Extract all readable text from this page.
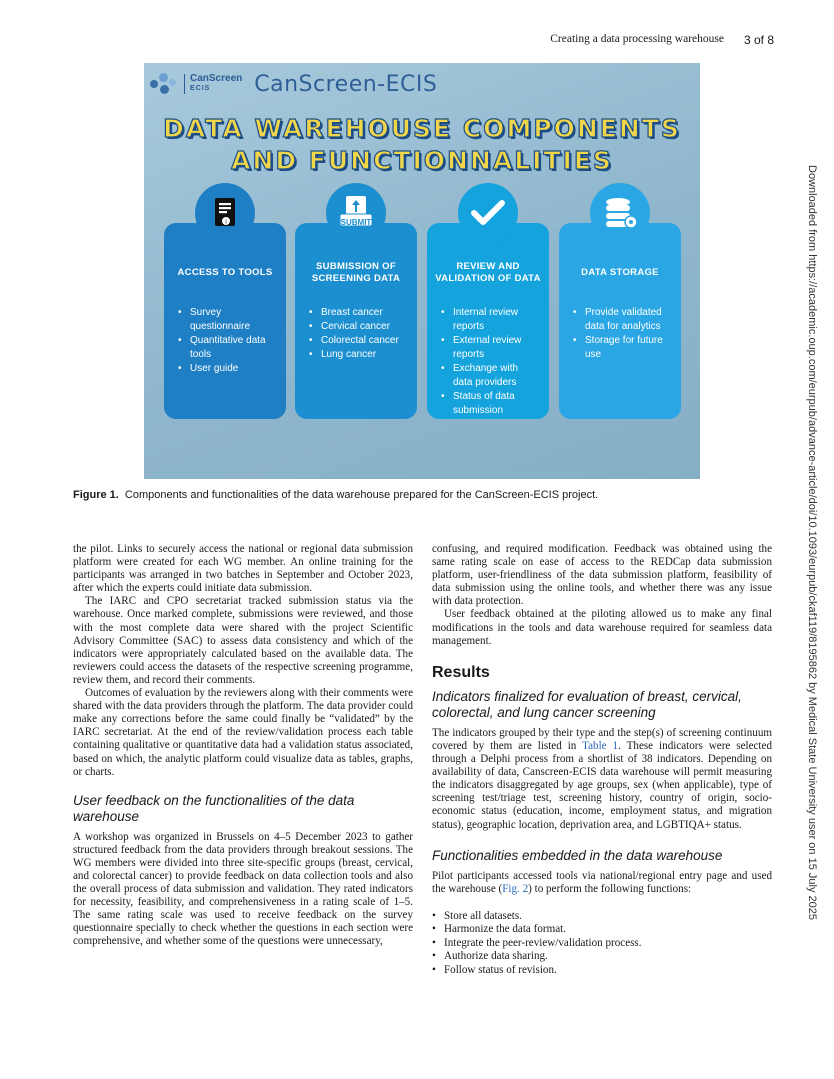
Creating a data processing warehouse 3 of 8
Downloaded from https://academic.oup.com/eurpub/advance-article/doi/10.1093/eurpub/ckaf119/8195862 by Medical State University user on 15 July 2025
CanScreen
ECIS	CanScreen-ECIS
DATA WAREHOUSE COMPONENTS
AND FUNCTIONNALITIES
ACCESS TO TOOLS
• Survey questionnaire
• Quantitative data tools
• User guide
SUBMISSION OF SCREENING DATA
• Breast cancer
• Cervical cancer
• Colorectal cancer
• Lung cancer
REVIEW AND VALIDATION OF DATA
• Internal review reports
• External review reports
• Exchange with data providers
• Status of data submission
DATA STORAGE
• Provide validated data for analytics
• Storage for future use
i	SUBMIT
Figure 1. Components and functionalities of the data warehouse prepared for the CanScreen-ECIS project.

the pilot. Links to securely access the national or regional data submission platform were created for each WG member. An online training for the participants was arranged in two batches in September and October 2023, after which the experts could initiate data submission.

The IARC and CPO secretariat tracked submission status via the warehouse. Once marked complete, submissions were reviewed, and those with the most complete data were shared with the project Scientific Advisory Committee (SAC) to assess data consistency and which of the indicators were appropriately calculated based on the available data. The reviewers could access the datasets of the respective screening programme, review them, and record their comments.

Outcomes of evaluation by the reviewers along with their comments were shared with the data providers through the platform. The data provider could make any corrections before the same could finally be “validated” by the IARC secretariat. At the end of the review/validation process each table containing qualitative or quantitative data had a validation status associated, based on which, the analytic platform could visualize data as tables, graphs, or charts.

User feedback on the functionalities of the data warehouse

A workshop was organized in Brussels on 4–5 December 2023 to gather structured feedback from the data providers through breakout sessions. The WG members were divided into three site-specific groups (breast, cervical, and colorectal cancer) to provide feedback on data collection tools and also the overall process of data submission and validation. They rated indicators for necessity, feasibility, and comprehensiveness in a rating scale of 1–5. The same rating scale was used to receive feedback on the survey questionnaire specially to check whether the questions in each section were comprehensive, and whether some of the questions were unnecessary,

confusing, and required modification. Feedback was obtained using the same rating scale on ease of access to the REDCap data submission platform, user-friendliness of the data submission platform, feasibility of data submission using the online tools, and whether there was any issue with data protection.

User feedback obtained at the piloting allowed us to make any final modifications in the tools and data warehouse required for seamless data management.

Results
Indicators finalized for evaluation of breast, cervical, colorectal, and lung cancer screening

The indicators grouped by their type and the step(s) of screening continuum covered by them are listed in Table 1. These indicators were selected through a Delphi process from a shortlist of 38 indicators. Depending on availability of data, Canscreen-ECIS data warehouse will permit measuring the indicators disaggregated by age groups, sex (when applicable), type of screening test/triage test, screening history, country of origin, socio-economic status (education, income, employment status, and migration status), geographic location, deprivation area, and LGBTIQA+ status.

Functionalities embedded in the data warehouse

Pilot participants accessed tools via national/regional entry page and used the warehouse (Fig. 2) to perform the following functions:

• Store all datasets.
• Harmonize the data format.
• Integrate the peer-review/validation process.
• Authorize data sharing.
• Follow status of revision.
